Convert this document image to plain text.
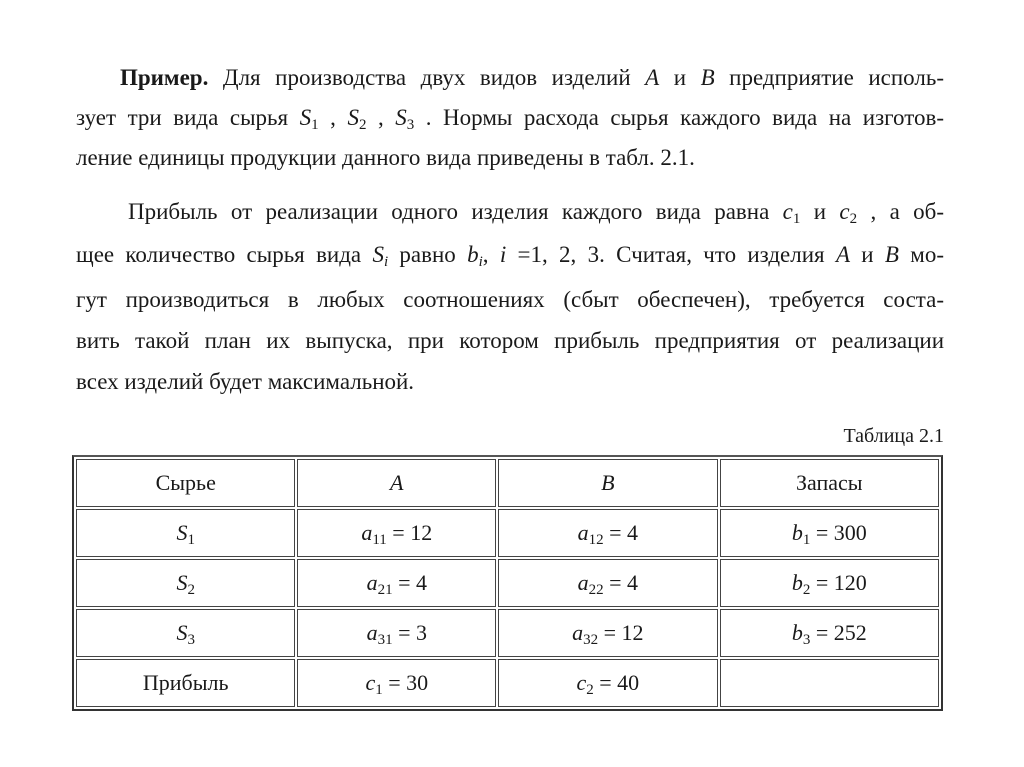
Пример. Для производства двух видов изделий A и B предприятие исполь-
зует три вида сырья $S_1$ , $S_2$ , $S_3$ . Нормы расхода сырья каждого вида на изготов-
ление единицы продукции данного вида приведены в табл. 2.1.
Прибыль от реализации одного изделия каждого вида равна $c_1$ и $c_2$ , а об-
щее количество сырья вида $S_i$ равно $b_i$, i =1, 2, 3. Считая, что изделия A и B мо-
гут производиться в любых соотношениях (сбыт обеспечен), требуется соста-
вить такой план их выпуска, при котором прибыль предприятия от реализации
всех изделий будет максимальной.
Таблица 2.1
Сырье	A	B	Запасы
$S_1$	$a_{11} = 12$	$a_{12} = 4$	$b_1 = 300$
$S_2$	$a_{21} = 4$	$a_{22} = 4$	$b_2 = 120$
$S_3$	$a_{31} = 3$	$a_{32} = 12$	$b_3 = 252$
Прибыль	$c_1 = 30$	$c_2 = 40$	
